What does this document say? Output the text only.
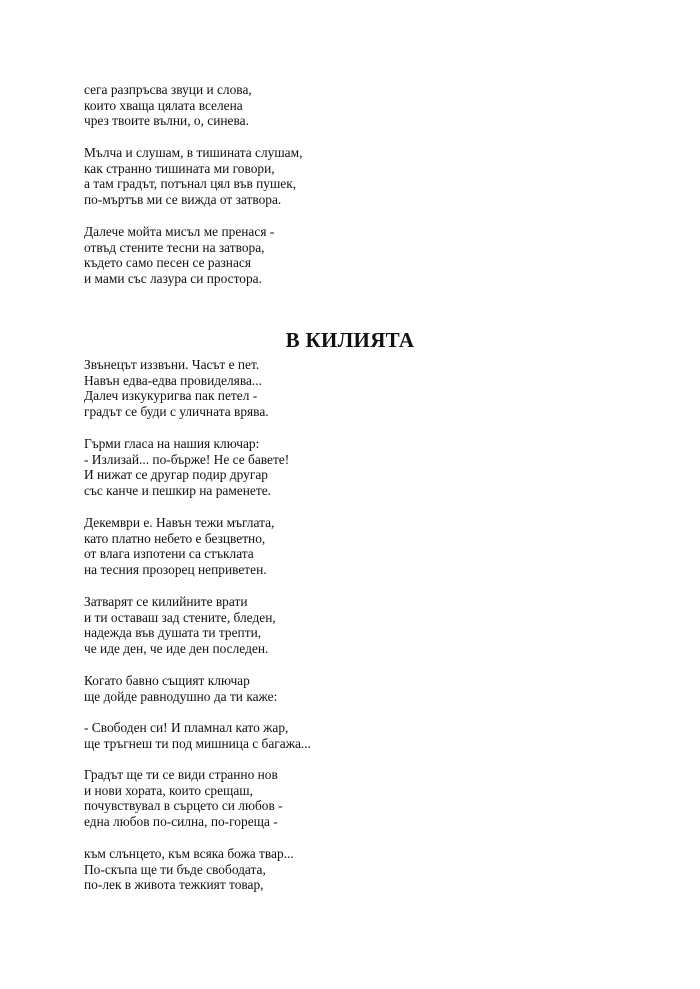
сега разпръсва звуци и слова,
които хваща цялата вселена
чрез твоите вълни, о, синева.
Мълча и слушам, в тишината слушам,
как странно тишината ми говори,
а там градът, потънал цял във пушек,
по-мъртъв ми се вижда от затвора.
Далече мойта мисъл ме пренася -
отвъд стените тесни на затвора,
където само песен се разнася
и мами със лазура си простора.
В КИЛИЯТА
Звънецът иззвъни. Часът е пет.
Навън едва-едва провиделява...
Далеч изкукуригва пак петел -
градът се буди с уличната врява.
Гърми гласа на нашия ключар:
- Излизай... по-бърже! Не се бавете!
И нижат се другар подир другар
със канче и пешкир на раменете.
Декември е. Навън тежи мъглата,
като платно небето е безцветно,
от влага изпотени са стъклата
на тесния прозорец неприветен.
Затварят се килийните врати
и ти оставаш зад стените, бледен,
надежда във душата ти трепти,
че иде ден, че иде ден последен.
Когато бавно същият ключар
ще дойде равнодушно да ти каже:
- Свободен си! И пламнал като жар,
ще тръгнеш ти под мишница с багажа...
Градът ще ти се види странно нов
и нови хората, които срещаш,
почувствувал в сърцето си любов -
една любов по-силна, по-гореща -
към слънцето, към всяка божа твар...
По-скъпа ще ти бъде свободата,
по-лек в живота тежкият товар,
